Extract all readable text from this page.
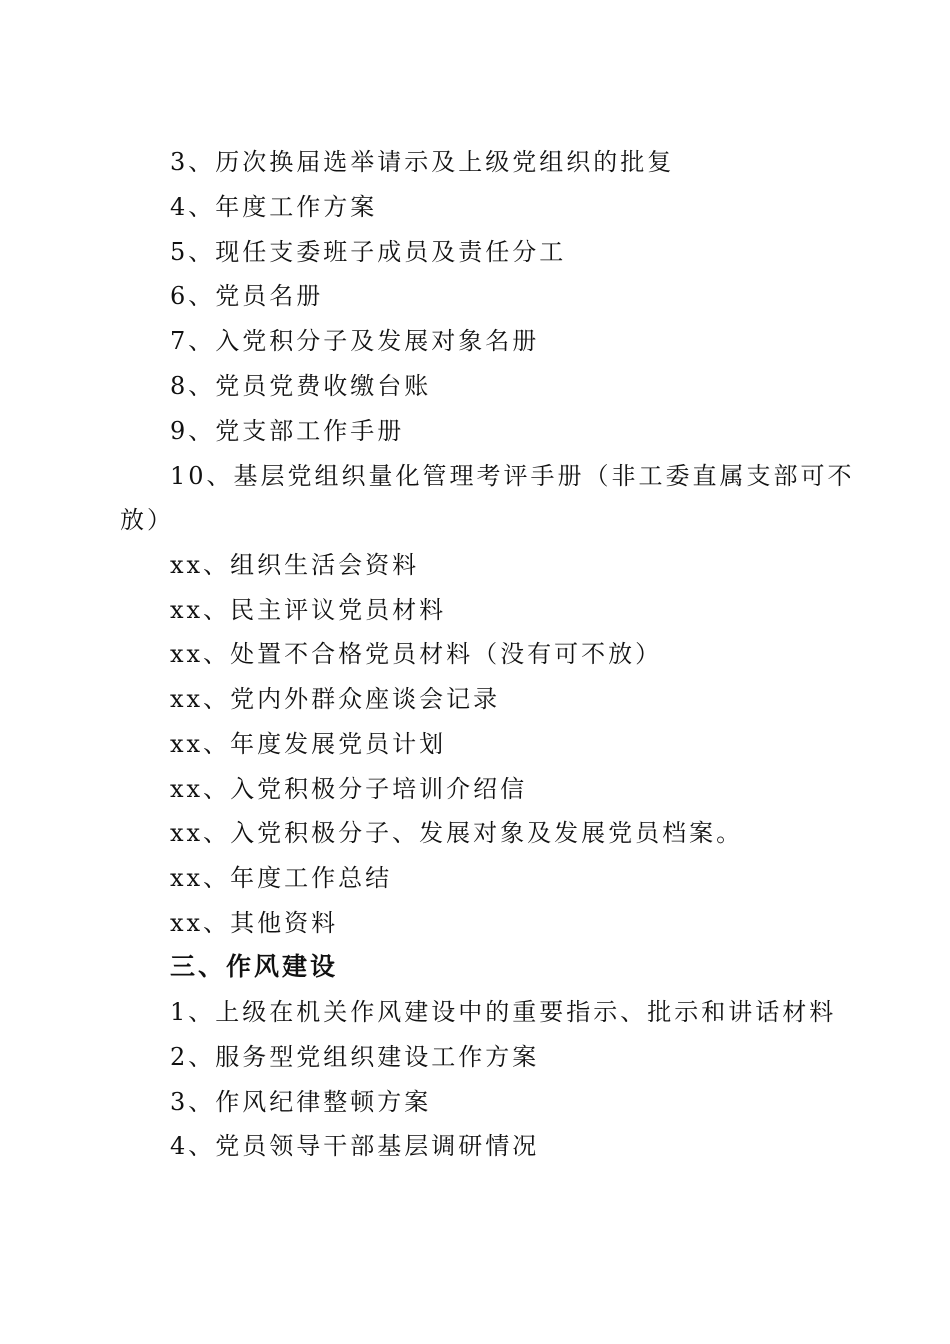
3、历次换届选举请示及上级党组织的批复
4、年度工作方案
5、现任支委班子成员及责任分工
6、党员名册
7、入党积分子及发展对象名册
8、党员党费收缴台账
9、党支部工作手册
10、基层党组织量化管理考评手册（非工委直属支部可不
放）
xx、组织生活会资料
xx、民主评议党员材料
xx、处置不合格党员材料（没有可不放）
xx、党内外群众座谈会记录
xx、年度发展党员计划
xx、入党积极分子培训介绍信
xx、入党积极分子、发展对象及发展党员档案。
xx、年度工作总结
xx、其他资料
三、作风建设
1、上级在机关作风建设中的重要指示、批示和讲话材料
2、服务型党组织建设工作方案
3、作风纪律整顿方案
4、党员领导干部基层调研情况
